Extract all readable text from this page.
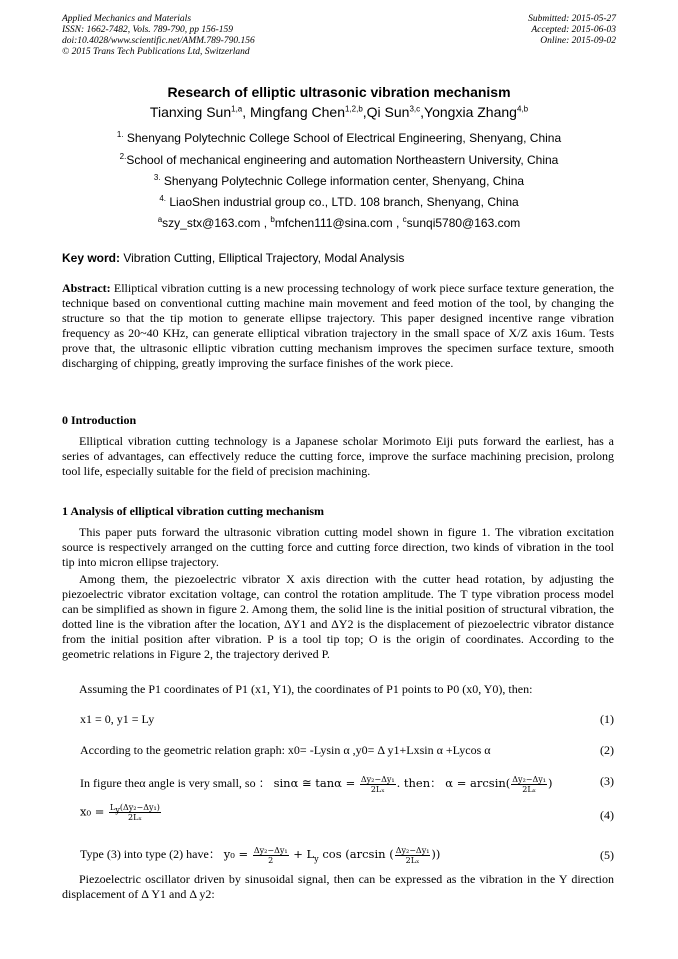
Applied Mechanics and Materials
ISSN: 1662-7482, Vols. 789-790, pp 156-159
doi:10.4028/www.scientific.net/AMM.789-790.156
© 2015 Trans Tech Publications Ltd, Switzerland
Submitted: 2015-05-27
Accepted: 2015-06-03
Online: 2015-09-02
Research of elliptic ultrasonic vibration mechanism
Tianxing Sun$^{1,a}$, Mingfang Chen$^{1,2,b}$,Qi Sun$^{3,c}$,Yongxia Zhang$^{4,b}$
$^{1.}$ Shenyang Polytechnic College School of Electrical Engineering, Shenyang, China
$^{2.}$School of mechanical engineering and automation Northeastern University, China
$^{3.}$ Shenyang Polytechnic College information center, Shenyang, China
$^{4.}$ LiaoShen industrial group co., LTD. 108 branch, Shenyang, China
$^a$szy_stx@163.com , $^b$mfchen111@sina.com , $^c$sunqi5780@163.com
Key word: Vibration Cutting, Elliptical Trajectory, Modal Analysis
Abstract: Elliptical vibration cutting is a new processing technology of work piece surface texture generation, the technique based on conventional cutting machine main movement and feed motion of the tool, by changing the structure so that the tip motion to generate ellipse trajectory. This paper designed incentive range vibration frequency as 20~40 KHz, can generate elliptical vibration trajectory in the small space of X/Z axis 16um. Tests prove that, the ultrasonic elliptic vibration cutting mechanism improves the specimen surface texture, smooth discharging of chipping, greatly improving the surface finishes of the work piece.
0 Introduction
Elliptical vibration cutting technology is a Japanese scholar Morimoto Eiji puts forward the earliest, has a series of advantages, can effectively reduce the cutting force, improve the surface machining precision, prolong tool life, especially suitable for the field of precision machining.
1 Analysis of elliptical vibration cutting mechanism
This paper puts forward the ultrasonic vibration cutting model shown in figure 1. The vibration excitation source is respectively arranged on the cutting force and cutting force direction, two kinds of vibration in the tool tip into micron ellipse trajectory.
Among them, the piezoelectric vibrator X axis direction with the cutter head rotation, by adjusting the piezoelectric vibrator excitation voltage, can control the rotation amplitude. The T type vibration process model can be simplified as shown in figure 2. Among them, the solid line is the initial position of structural vibration, the dotted line is the vibration after the location, ΔY1 and ΔY2 is the displacement of piezoelectric vibrator distance from the initial position after vibration. P is a tool tip top; O is the origin of coordinates. According to the geometric relations in Figure 2, the trajectory derived P.
Assuming the P1 coordinates of P1 (x1, Y1), the coordinates of P1 points to P0 (x0, Y0), then:
x1 = 0, y1 = Ly	(1)
According to the geometric relation graph: x0= -Lysin α ,y0= Δ y1+Lxsin α +Lycos α	(2)
In figure theα angle is very small, so ： sinα ≅ $\tan\alpha = \frac{\text{Δy₂−Δy₁}}{\text{2Lₓ}}$ . then： $\alpha = \arcsin( \frac{\text{Δy₂−Δy₁}}{\text{2Lₓ}}$ )	(3)
$x_0 = \frac{L_y(\Delta y_2-\Delta y_1)}{\text{2Lₓ}}$	(4)
Type (3) into type (2) have： $y_0 = \frac{\text{Δy₂−Δy₁}}{2} + L_y$ cos (arcsin ( $\frac{\text{Δy₂−Δy₁}}{\text{2Lₓ}}$ ))	(5)
Piezoelectric oscillator driven by sinusoidal signal, then can be expressed as the vibration in the Y direction displacement of Δ Y1 and Δ y2:
